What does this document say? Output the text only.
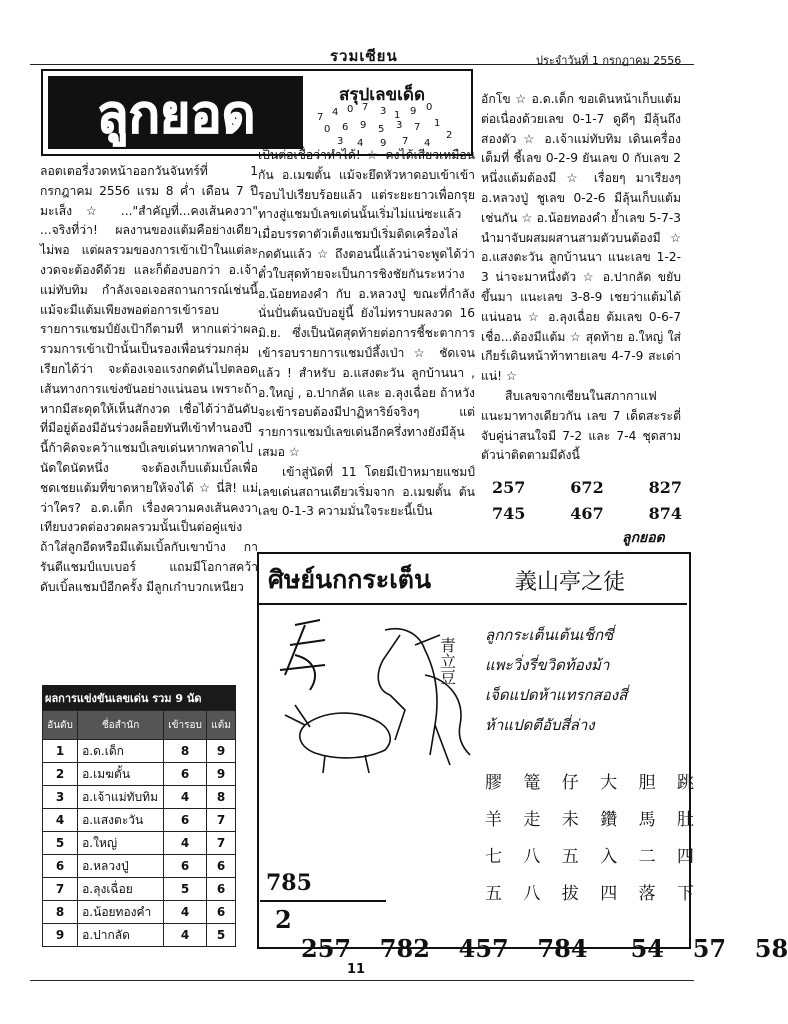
รวมเซียน	ประจำวันที่ 1 กรกฎาคม 2556
ลูกยอด	สรุปเลขเด็ด
7 4 0 7 3 1 9 0
0 6 9 5 3 7 1
2
3 4 9 7 4

ลอตเตอรี่งวดหน้าออกวันจันทร์ที่ 1 กรกฎาคม 2556 แรม 8 ค่ำ เดือน 7 ปีมะเส็ง ☆ ..."สำคัญที่...คงเส้นคงวา" ...จริงที่ว่า! ผลงานของแต้มคือย่างเดียวไม่พอ แต่ผลรวมของการเข้าเป้าในแต่ละงวดจะต้องดีด้วย และก็ต้องบอกว่า อ.เจ้าแม่ทับทิม กำลังเจอเจอสถานการณ์เช่นนี้ แม้จะมีแต้มเพียงพอต่อการเข้ารอบรายการแชมป์ยังเป้ากีตามที หากแต่ว่าผลรวมการเข้าเป้านั้นเป็นรองเพื่อนร่วมกลุ่ม เรียกได้ว่า จะต้องเจอแรงกดดันไปตลอดเส้นทางการแข่งขันอย่างแน่นอน เพราะถ้าหากมีสะดุดให้เห็นสักงวด เชื่อได้ว่าอันดับที่มีอยู่ต้องมีอันร่วงผล็อยทันทีเข้าทำนองปีนี้ก้าคิดจะคว้าแชมป์เลขเด่นหากพลาดไปนัดใดนัดหนึ่ง จะต้องเก็บแต้มเบิ้ลเพื่อชดเชยแต้มที่ขาดหายให้จงได้ ☆ นี่สิ! แม่ว่าใคร? อ.ด.เด็ก เรื่องความคงเส้นคงวาเทียบงวดต่องวดผลรวมนั้นเป็นต่อคู่แข่ง ถ้าใส่ลูกอีดหรือมีแต้มเบิ้ลกับเขาบ้าง การันตีแชมป์แบเบอร์ แถมมีโอกาสคว้าดับเบิ้ลแชมป์อีกครั้ง มีลูกเก๋าบวกเหนียว

เป็นต่อเชื่อว่าทำได้! ☆ คงได้เสียวเหมือนกัน อ.เมฆตั้น แม้จะยึดหัวหาดอบเข้าเข้ารอบไปเรียบร้อยแล้ว แต่ระยะยาวเพื่อกรุยทางสู่แชมป์เลขเด่นนั้นเริ่มไม่แน่ซะแล้ว เมื่อบรรดาตัวเต็งแชมป์เริ่มติดเครื่องไล่กดดันแล้ว ☆ ถึงตอนนี้แล้วน่าจะพูดได้ว่า ตั๋วใบสุดท้ายจะเป็นการชิงชัยกันระหว่าง อ.น้อยทองคำ กับ อ.หลวงปู่ ขณะที่กำลังนั่นปั่นต้นฉบับอยู่นี้ ยังไม่ทราบผลงวด 16 มิ.ย. ซึ่งเป็นนัดสุดท้ายต่อการชี้ชะตาการเข้ารอบรายการแชมป์ลึ้งเป่า ☆ ชัดเจนแล้ว ! สำหรับ อ.แสงตะวัน ลูกบ้านนา , อ.ใหญ่ , อ.ปากลัด และ อ.ลุงเฉื่อย ถ้าหวังจะเข้ารอบต้องมีปาฏิหาริย์จริงๆ แต่รายการแชมป์เลขเด่นอีกครึ่งทางยังมีลุ้นเสมอ ☆

เข้าสู่นัดที่ 11 โดยมีเป้าหมายแชมป์เลขเด่นสถานเดียวเริ่มจาก อ.เมฆตั้น ต้นเลข 0-1-3 ความมั่นใจระยะนี้เป็น

อักโข ☆ อ.ด.เด็ก ขอเดินหน้าเก็บแต้มต่อเนื่องด้วยเลข 0-1-7 ดูดีๆ มีลุ้นถึงสองตัว ☆ อ.เจ้าแม่ทับทิม เดินเครื่องเต็มที่ ชี้เลข 0-2-9 ยันเลข 0 กับเลข 2 หนึ่งแต้มต้องมี ☆ เรื่อยๆ มาเรียงๆ อ.หลวงปู่ ชูเลข 0-2-6 มีลุ้นเก็บแต้มเช่นกัน ☆ อ.น้อยทองคำ ย้ำเลข 5-7-3 นำมาจับผสมผสานสามตัวบนต้องมี ☆ อ.แสงตะวัน ลูกบ้านนา แนะเลข 1-2-3 น่าจะมาหนึ่งตัว ☆ อ.ปากลัด ขยับขึ้นมา แนะเลข 3-8-9 เชยว่าแต้มได้แน่นอน ☆ อ.ลุงเฉื่อย ต้มเลข 0-6-7 เชื่อ...ต้องมีแต้ม ☆ สุดท้าย อ.ใหญ่ ใส่เกียร์เดินหน้าท้าทายเลข 4-7-9 สะเด่าแน่! ☆

สืบเลขจากเซียนในสภากาแฟ แนะมาทางเดียวกัน เลข 7 เด็ดสะระตี่ จับคู่น่าสนใจมี 7-2 และ 7-4 ชุดสามตัวน่าติดตามมีดังนี้

257	672	827
745	467	874
ลูกยอด
ผลการแข่งขันเลขเด่น รวม 9 นัด
อันดับ	ชื่อสำนัก	เข้ารอบ	แต้ม
1	อ.ด.เด็ก	8	9
2	อ.เมฆตั้น	6	9
3	อ.เจ้าแม่ทับทิม	4	8
4	อ.แสงตะวัน	6	7
5	อ.ใหญ่	4	7
6	อ.หลวงปู่	6	6
7	อ.ลุงเฉื่อย	5	6
8	อ.น้อยทองคำ	4	6
9	อ.ปากลัด	4	5
ศิษย์นกกระเต็น	義山亭之徒
青立豆
ลูกกระเต็นเต้นเช็กซี่
แพะวิ่งรี่ขวิดท้องม้า
เจ็ดแปดห้าแทรกสองสี่
ห้าแปดตีอับสี่ล่าง
膠 篭 仔 大 胆 跳
羊 走 未 鑽 馬 肚
七 八 五 入 二 四
五 八 拔 四 落 下
785
2 257  782  457  784   54  57  58
11
